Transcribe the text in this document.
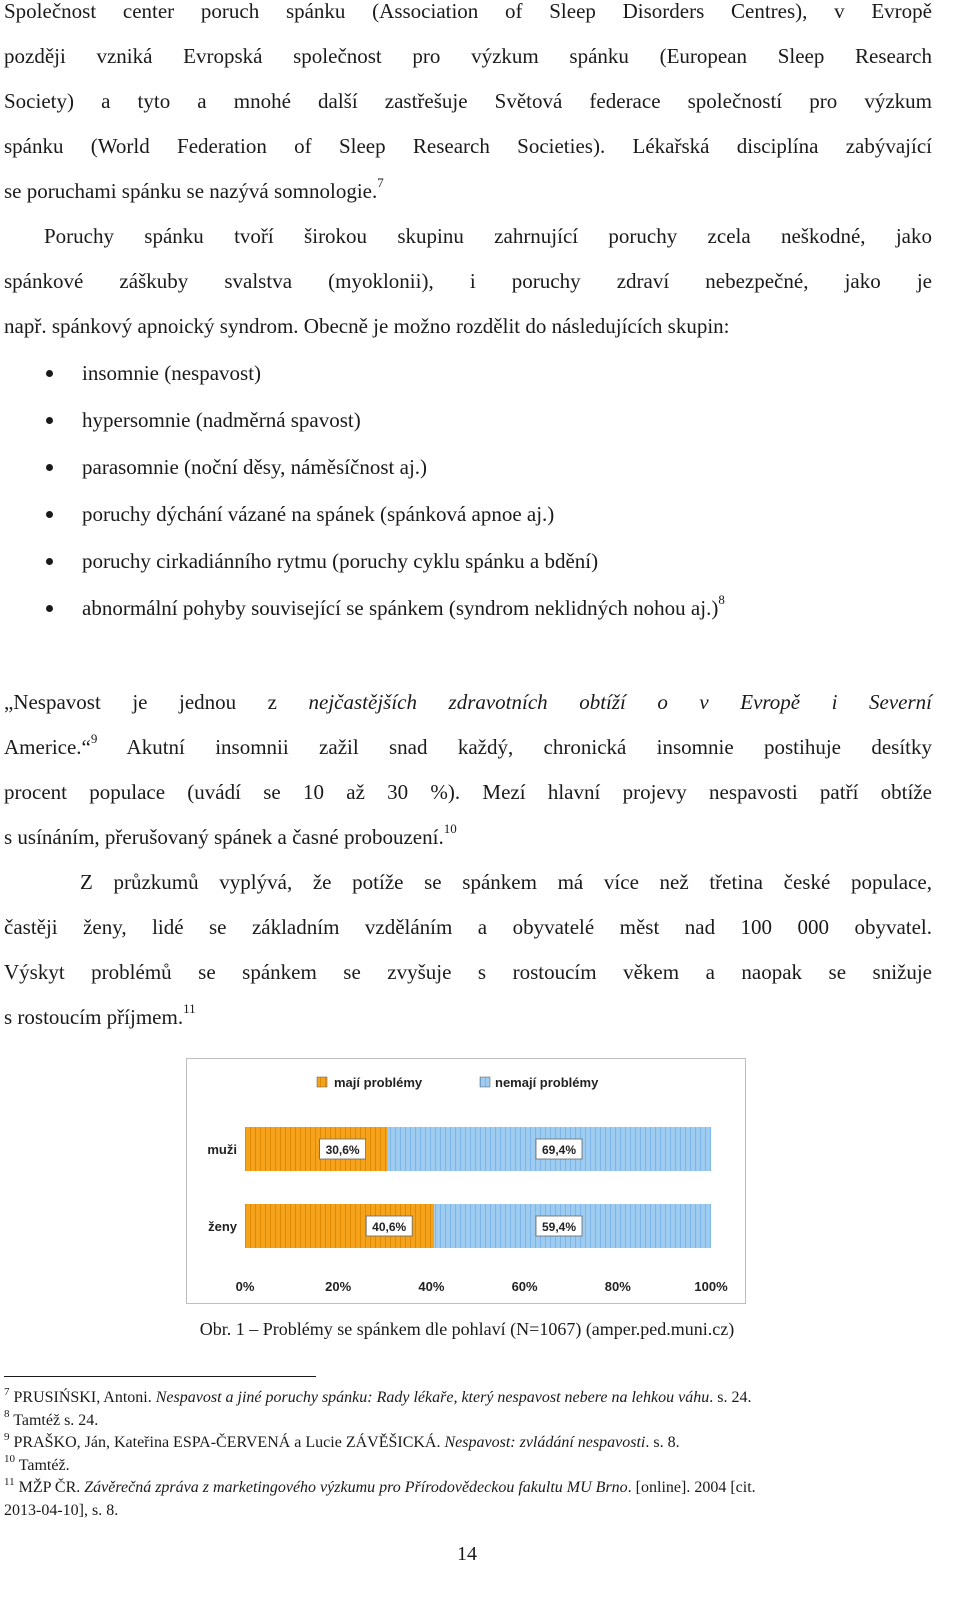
Společnost center poruch spánku (Association of Sleep Disorders Centres), v Evropě
později vzniká Evropská společnost pro výzkum spánku (European Sleep Research
Society) a tyto a mnohé další zastřešuje Světová federace společností pro výzkum
spánku (World Federation of Sleep Research Societies). Lékařská disciplína zabývající
se poruchami spánku se nazývá somnologie.$^7$
Poruchy spánku tvoří širokou skupinu zahrnující poruchy zcela neškodné, jako
spánkové záškuby svalstva (myoklonii), i poruchy zdraví nebezpečné, jako je
např. spánkový apnoický syndrom. Obecně je možno rozdělit do následujících skupin:
insomnie (nespavost)
hypersomnie (nadměrná spavost)
parasomnie (noční děsy, náměsíčnost aj.)
poruchy dýchání vázané na spánek (spánková apnoe aj.)
poruchy cirkadiánního rytmu (poruchy cyklu spánku a bdění)
abnormální pohyby související se spánkem (syndrom neklidných nohou aj.)$^8$
„Nespavost je jednou z nejčastějších zdravotních obtíží o v Evropě i Severní
Americe.“$^9$ Akutní insomnii zažil snad každý, chronická insomnie postihuje desítky
procent populace (uvádí se 10 až 30 %). Mezí hlavní projevy nespavosti patří obtíže
s usínáním, přerušovaný spánek a časné probouzení.$^{10}$
Z průzkumů vyplývá, že potíže se spánkem má více než třetina české populace,
častěji ženy, lidé se základním vzděláním a obyvatelé měst nad 100 000 obyvatel.
Výskyt problémů se spánkem se zvyšuje s rostoucím věkem a naopak se snižuje
s rostoucím příjmem.$^{11}$
mají problémy	nemají problémy
muži	30,6%	69,4%
ženy	40,6%	59,4%
0%	20%	40%	60%	80%	100%
Obr. 1 – Problémy se spánkem dle pohlaví (N=1067) (amper.ped.muni.cz)

$^7$ PRUSIŃSKI, Antoni. Nespavost a jiné poruchy spánku: Rady lékaře, který nespavost nebere na lehkou váhu. s. 24.

$^8$ Tamtéž s. 24.

$^9$ PRAŠKO, Ján, Kateřina ESPA-ČERVENÁ a Lucie ZÁVĚŠICKÁ. Nespavost: zvládání nespavosti. s. 8.

$^{10}$ Tamtéž.

$^{11}$ MŽP ČR. Závěrečná zpráva z marketingového výzkumu pro Přírodovědeckou fakultu MU Brno. [online]. 2004 [cit.

2013-04-10], s. 8.

14
